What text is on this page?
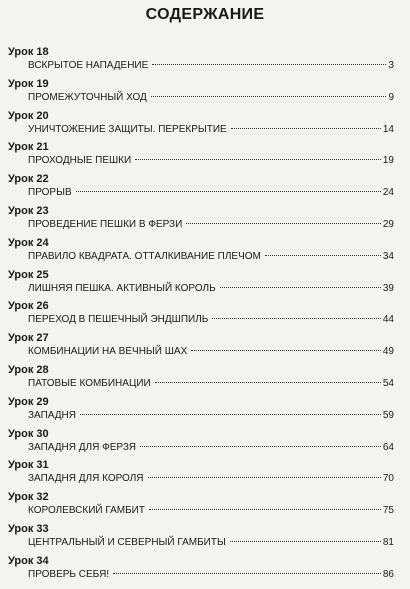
СОДЕРЖАНИЕ
Урок 18
ВСКРЫТОЕ НАПАДЕНИЕ	3
Урок 19
ПРОМЕЖУТОЧНЫЙ ХОД	9
Урок 20
УНИЧТОЖЕНИЕ ЗАЩИТЫ. ПЕРЕКРЫТИЕ	14
Урок 21
ПРОХОДНЫЕ ПЕШКИ	19
Урок 22
ПРОРЫВ	24
Урок 23
ПРОВЕДЕНИЕ ПЕШКИ В ФЕРЗИ	29
Урок 24
ПРАВИЛО КВАДРАТА. ОТТАЛКИВАНИЕ ПЛЕЧОМ	34
Урок 25
ЛИШНЯЯ ПЕШКА. АКТИВНЫЙ КОРОЛЬ	39
Урок 26
ПЕРЕХОД В ПЕШЕЧНЫЙ ЭНДШПИЛЬ	44
Урок 27
КОМБИНАЦИИ НА ВЕЧНЫЙ ШАХ	49
Урок 28
ПАТОВЫЕ КОМБИНАЦИИ	54
Урок 29
ЗАПАДНЯ	59
Урок 30
ЗАПАДНЯ ДЛЯ ФЕРЗЯ	64
Урок 31
ЗАПАДНЯ ДЛЯ КОРОЛЯ	70
Урок 32
КОРОЛЕВСКИЙ ГАМБИТ	75
Урок 33
ЦЕНТРАЛЬНЫЙ И СЕВЕРНЫЙ ГАМБИТЫ	81
Урок 34
ПРОВЕРЬ СЕБЯ!	86
